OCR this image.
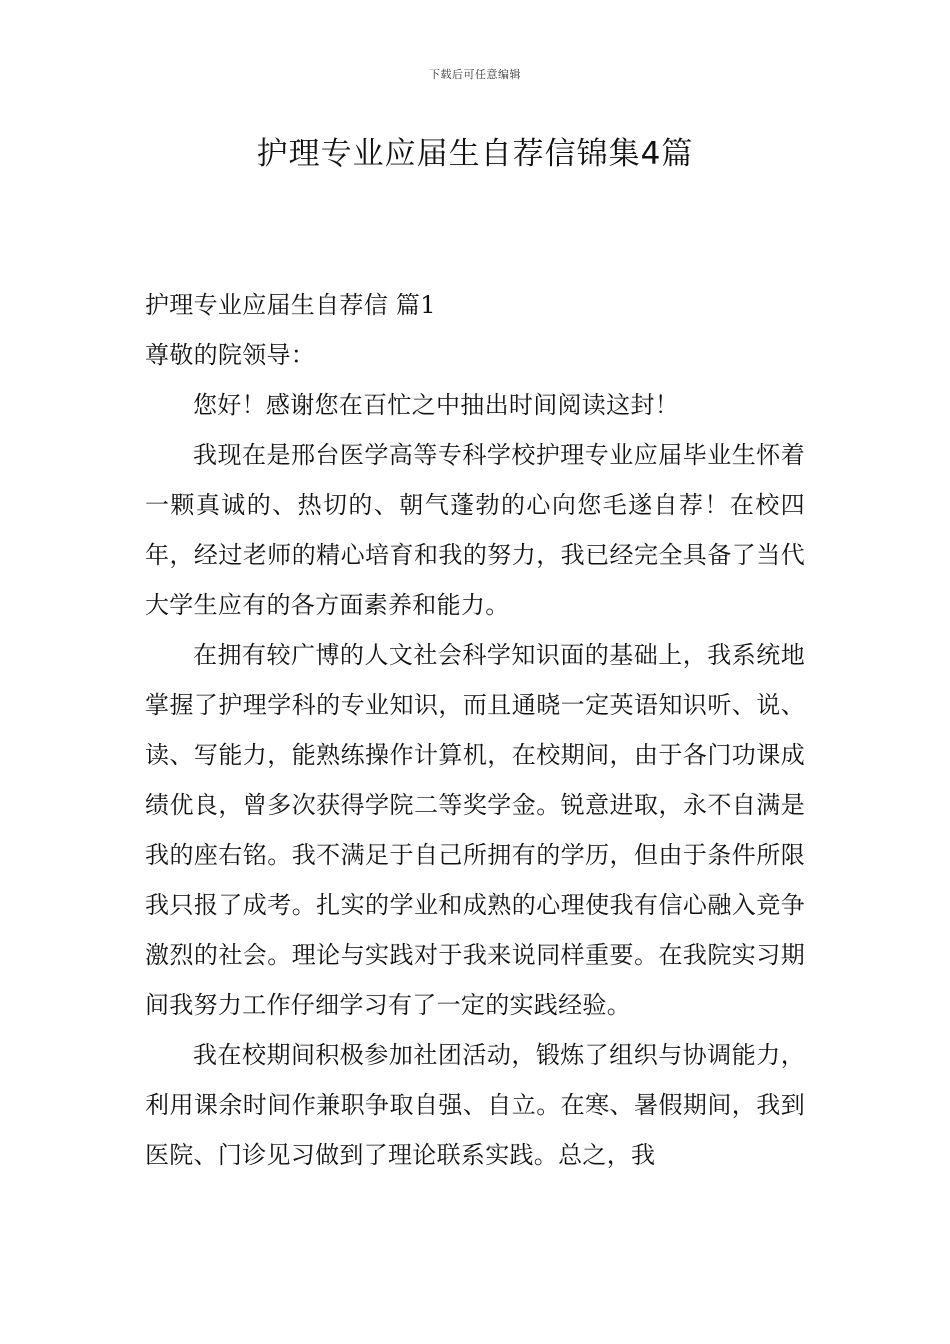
下载后可任意编辑
护理专业应届生自荐信锦集4篇

护理专业应届生自荐信 篇1

尊敬的院领导：

您好！感谢您在百忙之中抽出时间阅读这封！

我现在是邢台医学高等专科学校护理专业应届毕业生怀着一颗真诚的、热切的、朝气蓬勃的心向您毛遂自荐！在校四年，经过老师的精心培育和我的努力，我已经完全具备了当代大学生应有的各方面素养和能力。

在拥有较广博的人文社会科学知识面的基础上，我系统地掌握了护理学科的专业知识，而且通晓一定英语知识听、说、读、写能力，能熟练操作计算机，在校期间，由于各门功课成绩优良，曾多次获得学院二等奖学金。锐意进取，永不自满是我的座右铭。我不满足于自己所拥有的学历，但由于条件所限我只报了成考。扎实的学业和成熟的心理使我有信心融入竞争激烈的社会。理论与实践对于我来说同样重要。在我院实习期间我努力工作仔细学习有了一定的实践经验。

我在校期间积极参加社团活动，锻炼了组织与协调能力，利用课余时间作兼职争取自强、自立。在寒、暑假期间，我到医院、门诊见习做到了理论联系实践。总之，我
